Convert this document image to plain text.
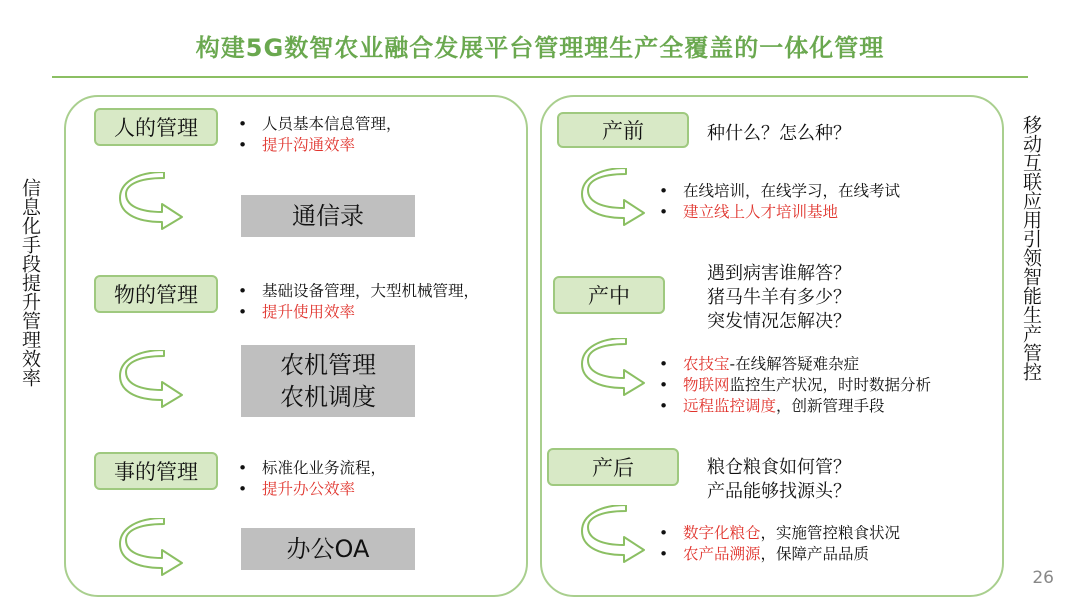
构建5G数智农业融合发展平台管理理生产全覆盖的一体化管理
信息化手段提升管理效率	移动互联应用引领智能生产管控
人的管理	• 人员基本信息管理，
• 提升沟通效率
通信录
物的管理	• 基础设备管理，大型机械管理，
• 提升使用效率
农机管理
农机调度
事的管理	• 标准化业务流程，
• 提升办公效率
办公OA
产前	种什么？怎么种？
• 在线培训，在线学习，在线考试
• 建立线上人才培训基地
产中
遇到病害谁解答？
猪马牛羊有多少？
突发情况怎解决？
• 农技宝-在线解答疑难杂症
• 物联网监控生产状况，时时数据分析
• 远程监控调度，创新管理手段
产后	粮仓粮食如何管？
产品能够找源头？
• 数字化粮仓，实施管控粮食状况
• 农产品溯源，保障产品品质
26
